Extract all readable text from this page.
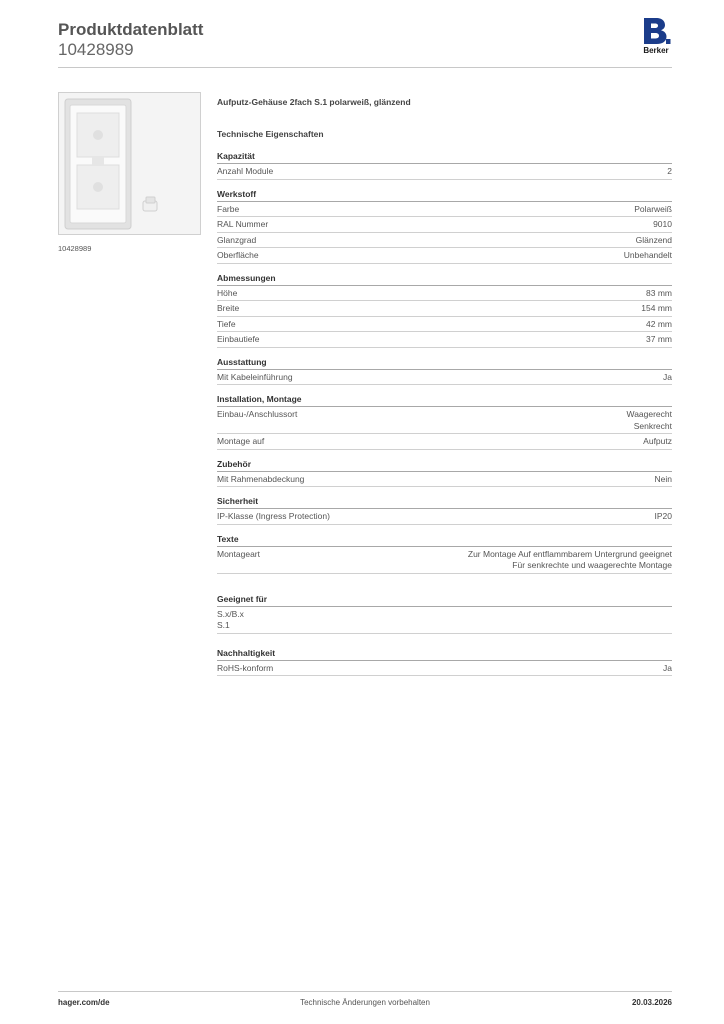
Produktdatenblatt
10428989	Berker
10428989
Aufputz-Gehäuse 2fach S.1 polarweiß, glänzend
Technische Eigenschaften
Kapazität
Anzahl Module	2
Werkstoff
Farbe	Polarweiß
RAL Nummer	9010
Glanzgrad	Glänzend
Oberfläche	Unbehandelt
Abmessungen
Höhe	83 mm
Breite	154 mm
Tiefe	42 mm
Einbautiefe	37 mm
Ausstattung
Mit Kabeleinführung	Ja
Installation, Montage
Einbau-/Anschlussort	Waagerecht
Senkrecht
Montage auf	Aufputz
Zubehör
Mit Rahmenabdeckung	Nein
Sicherheit
IP-Klasse (Ingress Protection)	IP20
Texte
Montageart	Zur Montage Auf entflammbarem Untergrund geeignet
Für senkrechte und waagerechte Montage
Geeignet für
S.x/B.x
S.1
Nachhaltigkeit
RoHS-konform	Ja
hager.com/de	Technische Änderungen vorbehalten	20.03.2026
